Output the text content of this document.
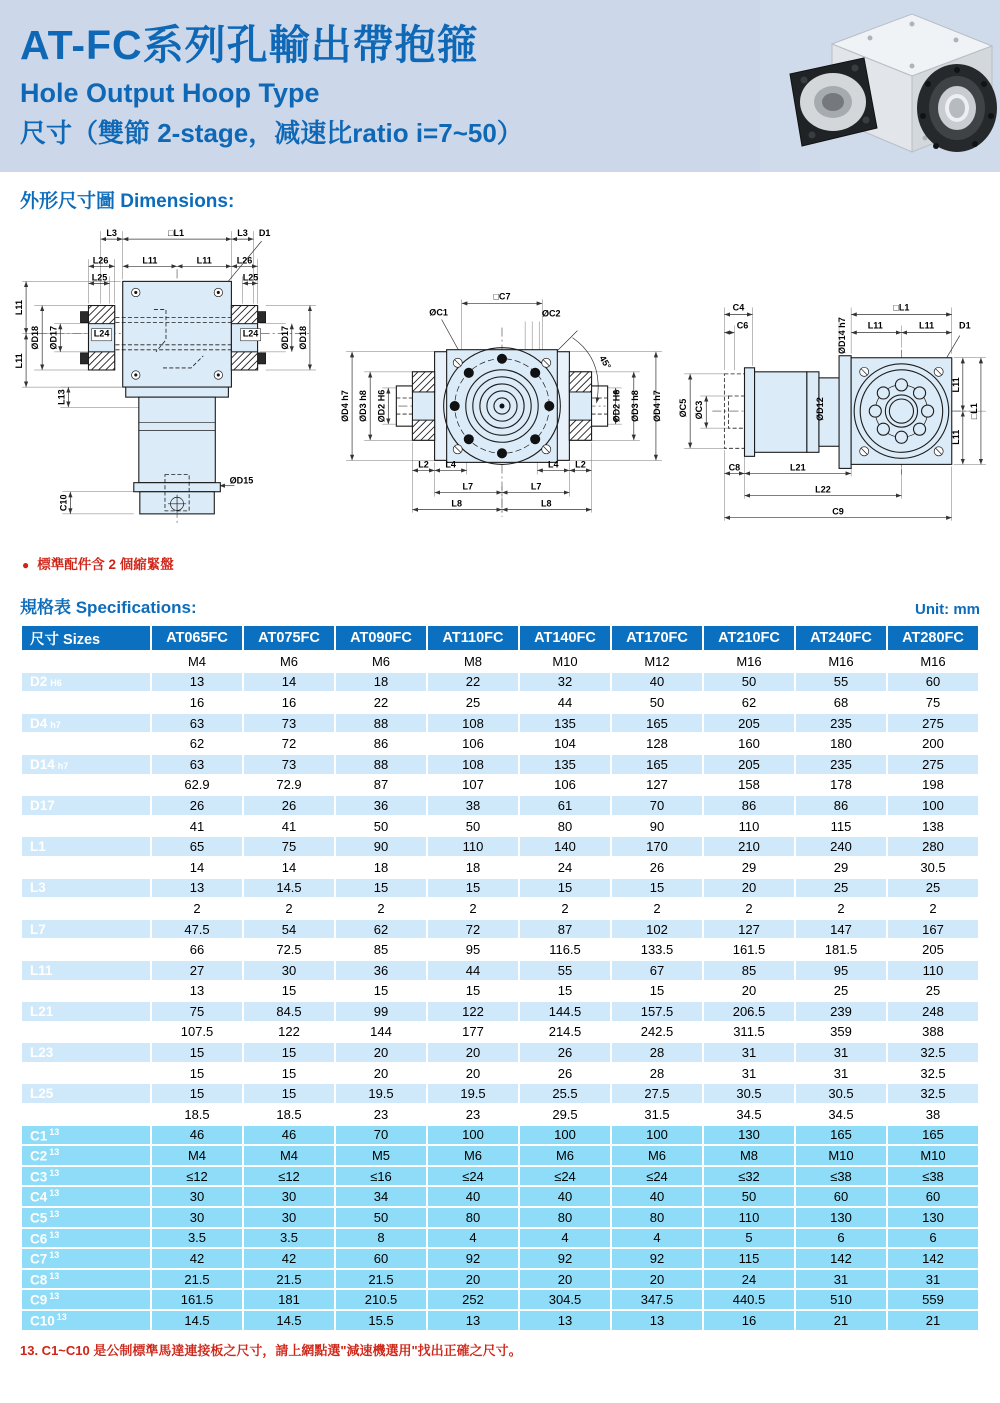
AT-FC系列孔輸出帶抱箍
Hole Output Hoop Type
尺寸（雙節 2-stage，减速比ratio i=7~50）
外形尺寸圖 Dimensions:
L3	□L1	L3 D1
L26	L11	L11	L26
L25	L25
L11
L11
ØD18 ØD17	L24	L24 ØD17 ØD18
L13
C10
ØD15
□C7
ØC1	ØC2
45°
ØD4 h7 ØD3 h8 ØD2 H6	ØD2 H6 ØD3 h8 ØD4 h7
L2 L4	L4 L2
L7	L7
L8	L8
C4
C6
□L1
L11	L11	D1
ØD14 h7
ØD12
ØC5 ØC3
L11
□L1
L11
C8	L21
L22
C9
● 標準配件含 2 個縮緊盤
規格表 Specifications:	Unit: mm
尺寸 Sizes	AT065FC	AT075FC	AT090FC	AT110FC	AT140FC	AT170FC	AT210FC	AT240FC	AT280FC
D1	M4	M6	M6	M8	M10	M12	M16	M16	M16
D2 H6	13	14	18	22	32	40	50	55	60
D3 h8	16	16	22	25	44	50	62	68	75
D4 h7	63	73	88	108	135	165	205	235	275
D12	62	72	86	106	104	128	160	180	200
D14 h7	63	73	88	108	135	165	205	235	275
D15	62.9	72.9	87	107	106	127	158	178	198
D17	26	26	36	38	61	70	86	86	100
D18	41	41	50	50	80	90	110	115	138
L1	65	75	90	110	140	170	210	240	280
L2	14	14	18	18	24	26	29	29	30.5
L3	13	14.5	15	15	15	15	20	25	25
L4	2	2	2	2	2	2	2	2	2
L7	47.5	54	62	72	87	102	127	147	167
L8	66	72.5	85	95	116.5	133.5	161.5	181.5	205
L11	27	30	36	44	55	67	85	95	110
L13	13	15	15	15	15	15	20	25	25
L21	75	84.5	99	122	144.5	157.5	206.5	239	248
L22	107.5	122	144	177	214.5	242.5	311.5	359	388
L23	15	15	20	20	26	28	31	31	32.5
L24	15	15	20	20	26	28	31	31	32.5
L25	15	15	19.5	19.5	25.5	27.5	30.5	30.5	32.5
L26	18.5	18.5	23	23	29.5	31.5	34.5	34.5	38
C1 $^{13}$	46	46	70	100	100	100	130	165	165
C2 $^{13}$	M4	M4	M5	M6	M6	M6	M8	M10	M10
C3 $^{13}$	≤12	≤12	≤16	≤24	≤24	≤24	≤32	≤38	≤38
C4 $^{13}$	30	30	34	40	40	40	50	60	60
C5 $^{13}$	30	30	50	80	80	80	110	130	130
C6 $^{13}$	3.5	3.5	8	4	4	4	5	6	6
C7 $^{13}$	42	42	60	92	92	92	115	142	142
C8 $^{13}$	21.5	21.5	21.5	20	20	20	24	31	31
C9 $^{13}$	161.5	181	210.5	252	304.5	347.5	440.5	510	559
C10 $^{13}$	14.5	14.5	15.5	13	13	13	16	21	21
13. C1~C10 是公制標準馬達連接板之尺寸，請上網點選"減速機選用"找出正確之尺寸。
